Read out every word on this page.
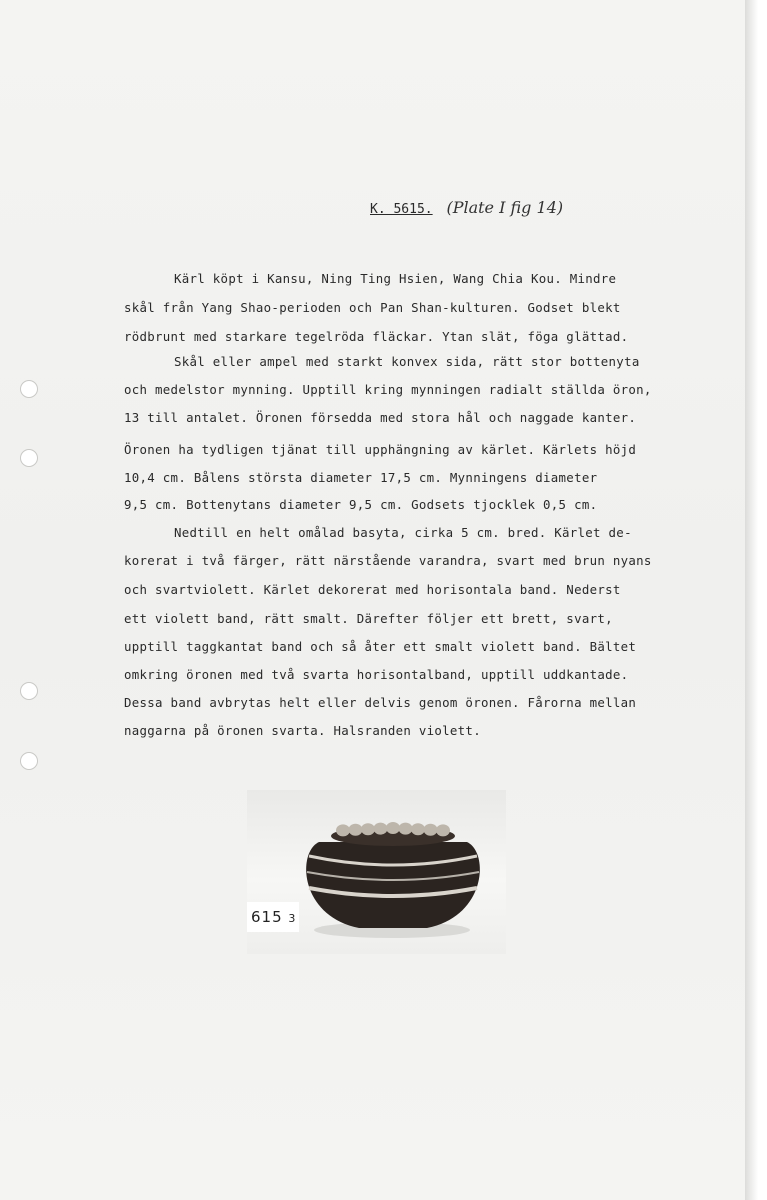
K. 5615. (Plate I fig 14)
Kärl köpt i Kansu, Ning Ting Hsien, Wang Chia Kou. Mindre
skål från Yang Shao-perioden och Pan Shan-kulturen. Godset blekt
rödbrunt med starkare tegelröda fläckar. Ytan slät, föga glättad.
Skål eller ampel med starkt konvex sida, rätt stor bottenyta
och medelstor mynning. Upptill kring mynningen radialt ställda öron,
13 till antalet. Öronen försedda med stora hål och naggade kanter.
Öronen ha tydligen tjänat till upphängning av kärlet. Kärlets höjd
10,4 cm. Bålens största diameter 17,5 cm. Mynningens diameter
9,5 cm. Bottenytans diameter 9,5 cm. Godsets tjocklek 0,5 cm.
Nedtill en helt omålad basyta, cirka 5 cm. bred. Kärlet de-
korerat i två färger, rätt närstående varandra, svart med brun nyans
och svartviolett. Kärlet dekorerat med horisontala band. Nederst
ett violett band, rätt smalt. Därefter följer ett brett, svart,
upptill taggkantat band och så åter ett smalt violett band. Bältet
omkring öronen med två svarta horisontalband, upptill uddkantade.
Dessa band avbrytas helt eller delvis genom öronen. Fårorna mellan
naggarna på öronen svarta. Halsranden violett.
615 3
